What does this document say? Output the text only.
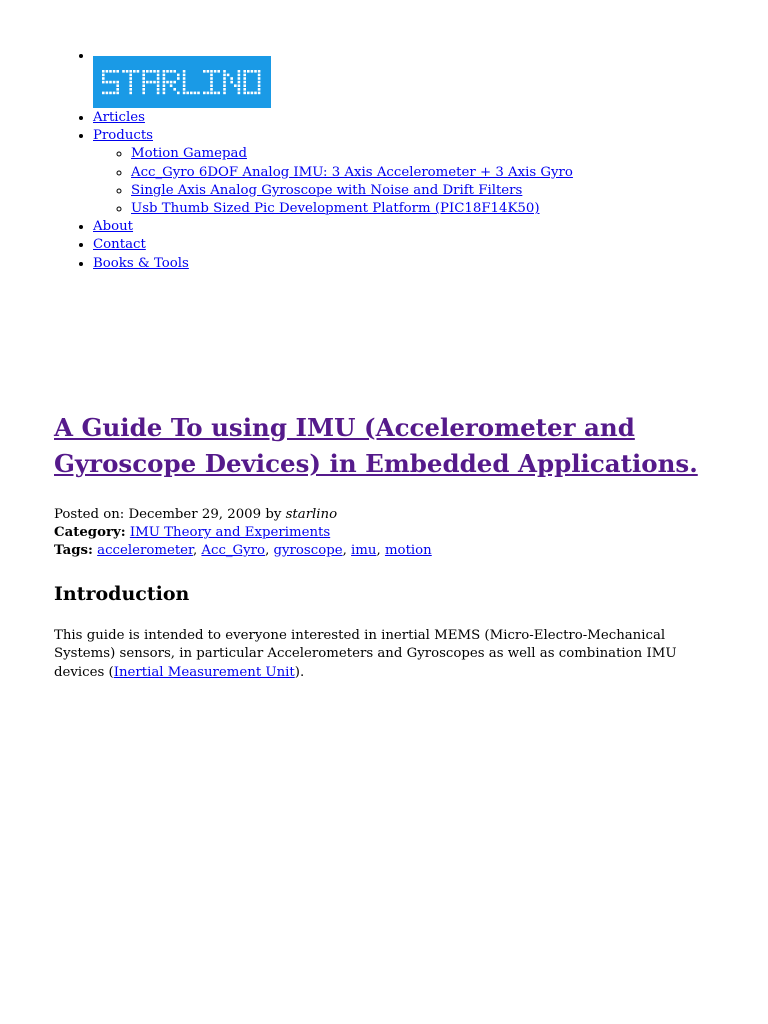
•
• Articles
• Products
◦ Motion Gamepad
◦ Acc_Gyro 6DOF Analog IMU: 3 Axis Accelerometer + 3 Axis Gyro
◦ Single Axis Analog Gyroscope with Noise and Drift Filters
◦ Usb Thumb Sized Pic Development Platform (PIC18F14K50)
• About
• Contact
• Books & Tools
A Guide To using IMU (Accelerometer and
Gyroscope Devices) in Embedded Applications.
Posted on: December 29, 2009 by starlino
Category: IMU Theory and Experiments
Tags: accelerometer, Acc_Gyro, gyroscope, imu, motion
Introduction

This guide is intended to everyone interested in inertial MEMS (Micro-Electro-Mechanical Systems) sensors, in particular Accelerometers and Gyroscopes as well as combination IMU devices (Inertial Measurement Unit).
